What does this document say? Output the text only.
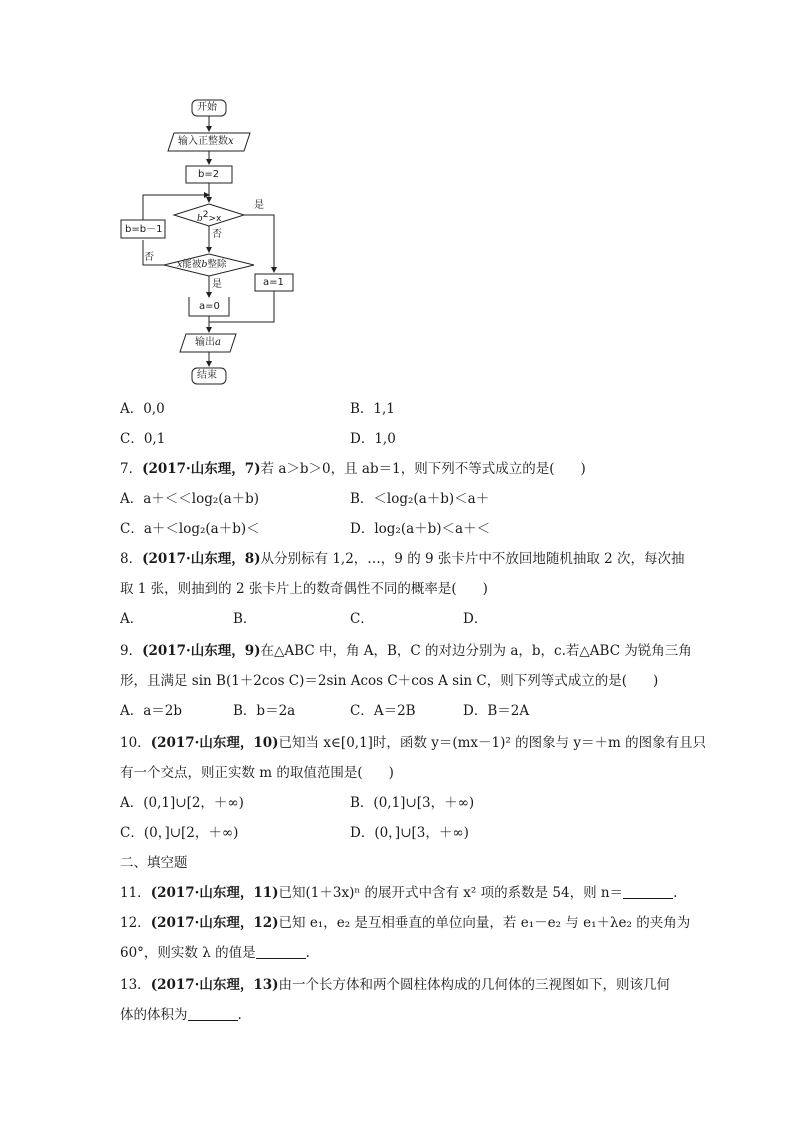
开始
输入正整数x
b=2
$b^2>x$
是
否
x能被b整除
否
是
b=b－1
a=0
a=1
输出a
结束
A．0,0	B．1,1
C．0,1	D．1,0
7．(2017·山东理，7)若 a＞b＞0，且 ab＝1，则下列不等式成立的是( )
A．a＋＜＜log₂(a＋b)	B．＜log₂(a＋b)＜a＋
C．a＋＜log₂(a＋b)＜	D．log₂(a＋b)＜a＋＜
8．(2017·山东理，8)从分别标有 1,2，…，9 的 9 张卡片中不放回地随机抽取 2 次，每次抽
取 1 张，则抽到的 2 张卡片上的数奇偶性不同的概率是( )
A．	B．	C．	D．
9．(2017·山东理，9)在△ABC 中，角 A，B，C 的对边分别为 a，b，c.若△ABC 为锐角三角
形，且满足 sin B(1＋2cos C)＝2sin Acos C＋cos A sin C，则下列等式成立的是( )
A．a＝2b	B．b＝2a	C．A＝2B	D．B＝2A
10．(2017·山东理，10)已知当 x∈[0,1]时，函数 y＝(mx－1)² 的图象与 y＝＋m 的图象有且只
有一个交点，则正实数 m 的取值范围是( )
A．(0,1]∪[2，＋∞)	B．(0,1]∪[3，＋∞)
C．(0，]∪[2，＋∞)	D．(0，]∪[3，＋∞)
二、填空题
11．(2017·山东理，11)已知(1＋3x)ⁿ 的展开式中含有 x² 项的系数是 54，则 n＝	.
12．(2017·山东理，12)已知 e₁，e₂ 是互相垂直的单位向量，若 e₁－e₂ 与 e₁＋λe₂ 的夹角为
60°，则实数 λ 的值是	.
13．(2017·山东理，13)由一个长方体和两个圆柱体构成的几何体的三视图如下，则该几何
体的体积为	.
